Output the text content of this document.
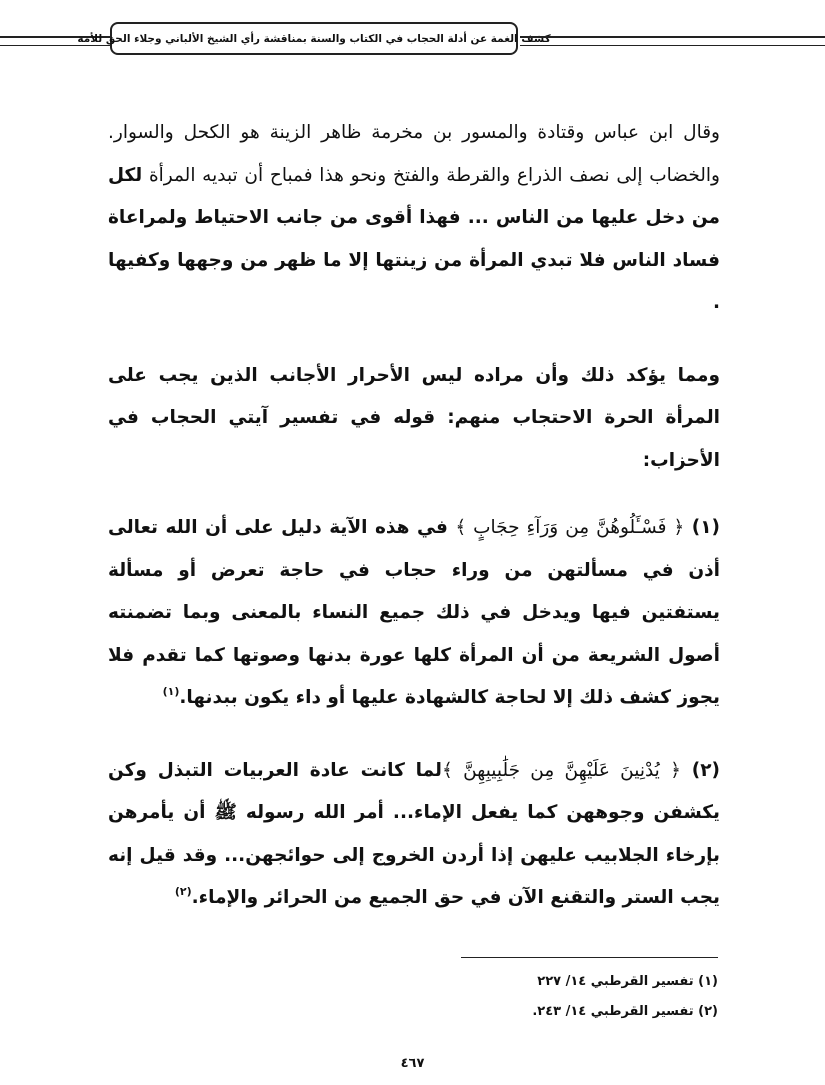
كشف الغمة عن أدلة الحجاب في الكتاب والسنة بمناقشة رأي الشيخ الألباني وجلاء الحق للأمة

وقال ابن عباس وقتادة والمسور بن مخرمة ظاهر الزينة هو الكحل والسوار. والخضاب إلى نصف الذراع والقرطة والفتخ ونحو هذا فمباح أن تبديه المرأة لكل من دخل عليها من الناس ... فهذا أقوى من جانب الاحتياط ولمراعاة فساد الناس فلا تبدي المرأة من زينتها إلا ما ظهر من وجهها وكفيها .

ومما يؤكد ذلك وأن مراده ليس الأحرار الأجانب الذين يجب على المرأة الحرة الاحتجاب منهم: قوله في تفسير آيتي الحجاب في الأحزاب:

(١) ﴿ فَسْـَٔلُوهُنَّ مِن وَرَآءِ حِجَابٍ ﴾ في هذه الآية دليل على أن الله تعالى أذن في مسألتهن من وراء حجاب في حاجة تعرض أو مسألة يستفتين فيها ويدخل في ذلك جميع النساء بالمعنى وبما تضمنته أصول الشريعة من أن المرأة كلها عورة بدنها وصوتها كما تقدم فلا يجوز كشف ذلك إلا لحاجة كالشهادة عليها أو داء يكون ببدنها.$^{(١)}$

(٢) ﴿ يُدْنِينَ عَلَيْهِنَّ مِن جَلَٰبِيبِهِنَّ ﴾لما كانت عادة العربيات التبذل وكن يكشفن وجوههن كما يفعل الإماء... أمر الله رسوله ﷺ أن يأمرهن بإرخاء الجلابيب عليهن إذا أردن الخروج إلى حوائجهن... وقد قيل إنه يجب الستر والتقنع الآن في حق الجميع من الحرائر والإماء.$^{(٢)}$

(١) تفسير القرطبي ١٤/ ٢٢٧
(٢) تفسير القرطبي ١٤/ ٢٤٣.
٤٦٧
